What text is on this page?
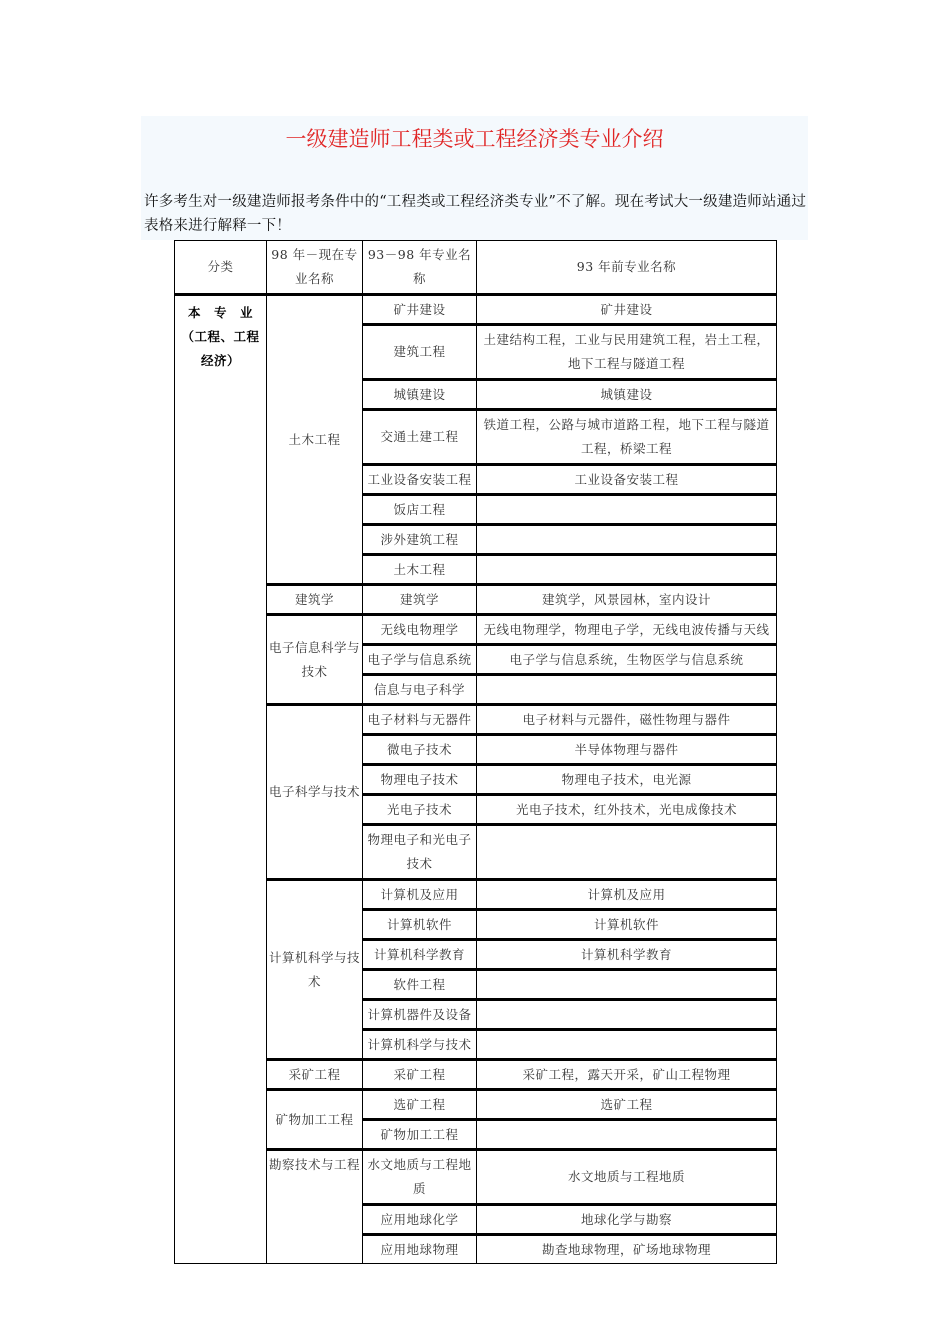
一级建造师工程类或工程经济类专业介绍
许多考生对一级建造师报考条件中的“工程类或工程经济类专业”不了解。现在考试大一级建造师站通过表格来进行解释一下！
分类	98 年－现在专业名称	93－98 年专业名称	93 年前专业名称
本　专　业（工程、工程经济）	土木工程	矿井建设	矿井建设
		建筑工程	土建结构工程，工业与民用建筑工程，岩土工程，地下工程与隧道工程
		城镇建设	城镇建设
		交通土建工程	铁道工程，公路与城市道路工程，地下工程与隧道工程，桥梁工程
		工业设备安装工程	工业设备安装工程
		饭店工程	
		涉外建筑工程	
		土木工程	
	建筑学	建筑学	建筑学，风景园林，室内设计
	电子信息科学与技术	无线电物理学	无线电物理学，物理电子学，无线电波传播与天线
		电子学与信息系统	电子学与信息系统，生物医学与信息系统
		信息与电子科学	
	电子科学与技术	电子材料与无器件	电子材料与元器件，磁性物理与器件
		微电子技术	半导体物理与器件
		物理电子技术	物理电子技术，电光源
		光电子技术	光电子技术，红外技术，光电成像技术
		物理电子和光电子技术	
	计算机科学与技术	计算机及应用	计算机及应用
		计算机软件	计算机软件
		计算机科学教育	计算机科学教育
		软件工程	
		计算机器件及设备	
		计算机科学与技术	
	采矿工程	采矿工程	采矿工程，露天开采，矿山工程物理
	矿物加工工程	选矿工程	选矿工程
		矿物加工工程	
	勘察技术与工程	水文地质与工程地质	水文地质与工程地质
		应用地球化学	地球化学与勘察
		应用地球物理	勘查地球物理，矿场地球物理
